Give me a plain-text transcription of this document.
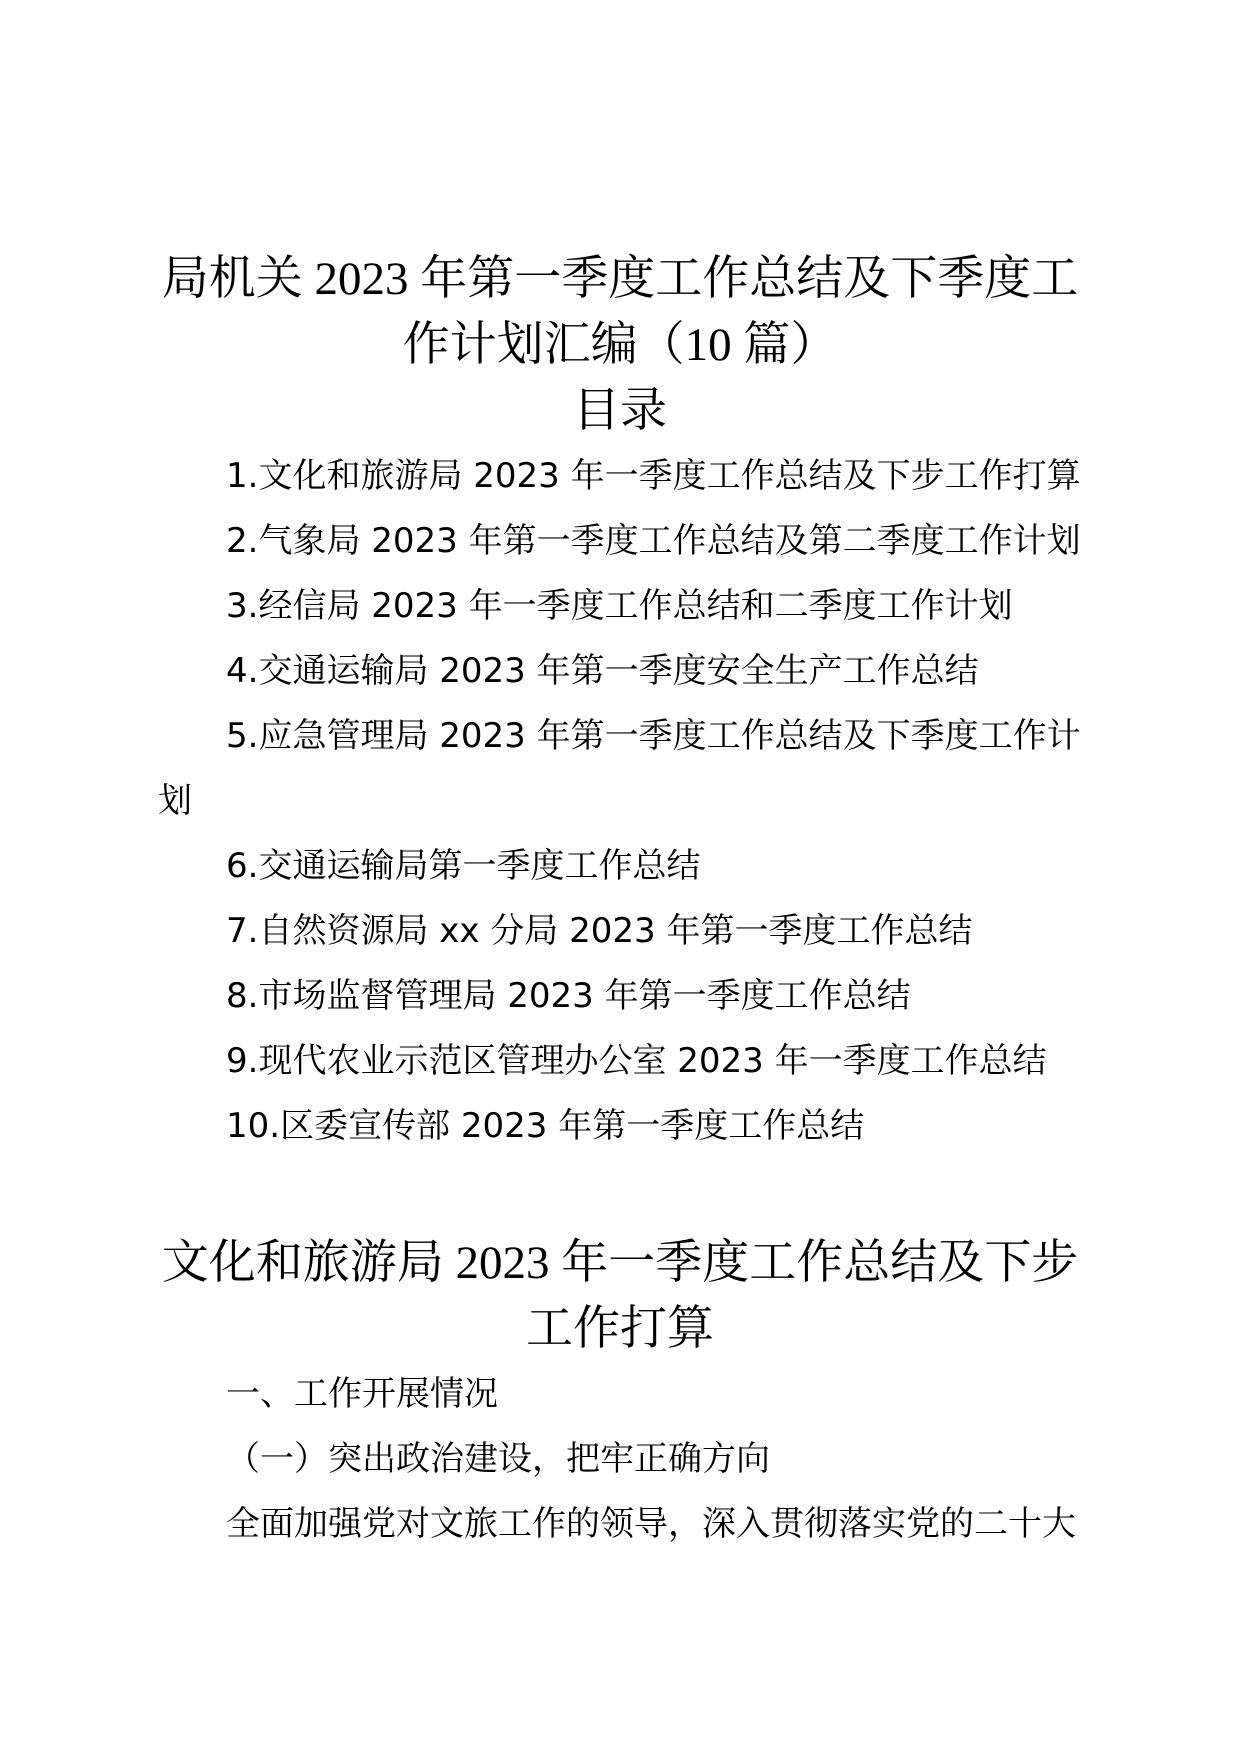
局机关 2023 年第一季度工作总结及下季度工作计划汇编（10 篇）
目录
1.文化和旅游局 2023 年一季度工作总结及下步工作打算
2.气象局 2023 年第一季度工作总结及第二季度工作计划
3.经信局 2023 年一季度工作总结和二季度工作计划
4.交通运输局 2023 年第一季度安全生产工作总结
5.应急管理局 2023 年第一季度工作总结及下季度工作计划
6.交通运输局第一季度工作总结
7.自然资源局 xx 分局 2023 年第一季度工作总结
8.市场监督管理局 2023 年第一季度工作总结
9.现代农业示范区管理办公室 2023 年一季度工作总结
10.区委宣传部 2023 年第一季度工作总结
文化和旅游局 2023 年一季度工作总结及下步工作打算

一、工作开展情况

（一）突出政治建设，把牢正确方向

全面加强党对文旅工作的领导，深入贯彻落实党的二十大
